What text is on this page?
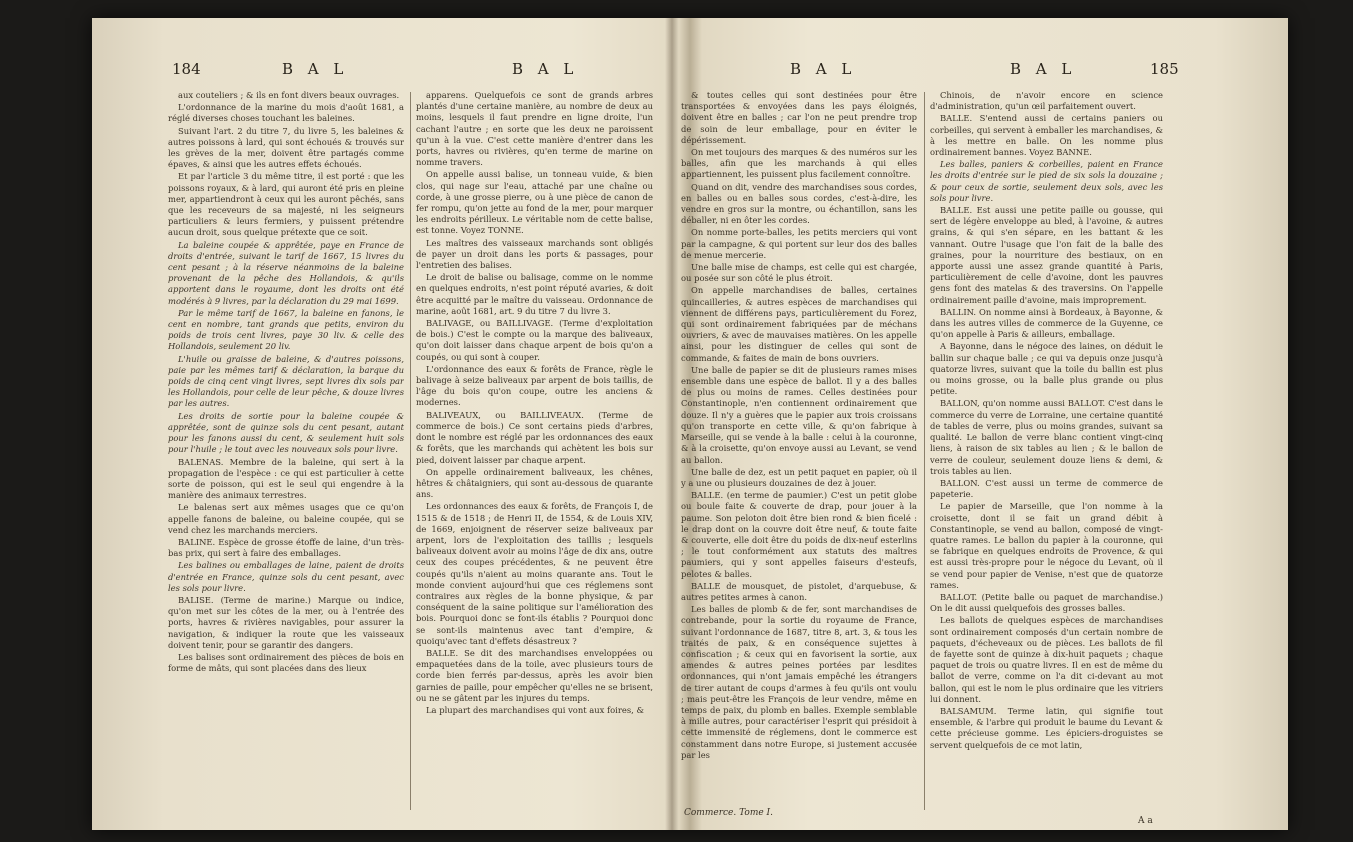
184	B A L	B A L	B A L	B A L	185

aux couteliers ; & ils en font divers beaux ouvrages.

L'ordonnance de la marine du mois d'août 1681, a réglé diverses choses touchant les baleines.

Suivant l'art. 2 du titre 7, du livre 5, les baleines & autres poissons à lard, qui sont échoués & trouvés sur les grèves de la mer, doivent être partagés comme épaves, & ainsi que les autres effets échoués.

Et par l'article 3 du même titre, il est porté : que les poissons royaux, & à lard, qui auront été pris en pleine mer, appartiendront à ceux qui les auront pêchés, sans que les receveurs de sa majesté, ni les seigneurs particuliers & leurs fermiers, y puissent prétendre aucun droit, sous quelque prétexte que ce soit.

La baleine coupée & apprêtée, paye en France de droits d'entrée, suivant le tarif de 1667, 15 livres du cent pesant ; à la réserve néanmoins de la baleine provenant de la pêche des Hollandois, & qu'ils apportent dans le royaume, dont les droits ont été modérés à 9 livres, par la déclaration du 29 mai 1699.

Par le même tarif de 1667, la baleine en fanons, le cent en nombre, tant grands que petits, environ du poids de trois cent livres, paye 30 liv. & celle des Hollandois, seulement 20 liv.

L'huile ou graisse de baleine, & d'autres poissons, paie par les mêmes tarif & déclaration, la barque du poids de cinq cent vingt livres, sept livres dix sols par les Hollandois, pour celle de leur pêche, & douze livres par les autres.

Les droits de sortie pour la baleine coupée & apprêtée, sont de quinze sols du cent pesant, autant pour les fanons aussi du cent, & seulement huit sols pour l'huile ; le tout avec les nouveaux sols pour livre.

BALENAS. Membre de la baleine, qui sert à la propagation de l'espèce : ce qui est particulier à cette sorte de poisson, qui est le seul qui engendre à la manière des animaux terrestres.

Le balenas sert aux mêmes usages que ce qu'on appelle fanons de baleine, ou baleine coupée, qui se vend chez les marchands merciers.

BALINE. Espèce de grosse étoffe de laine, d'un très-bas prix, qui sert à faire des emballages.

Les balines ou emballages de laine, paient de droits d'entrée en France, quinze sols du cent pesant, avec les sols pour livre.

BALISE. (Terme de marine.) Marque ou indice, qu'on met sur les côtes de la mer, ou à l'entrée des ports, havres & rivières navigables, pour assurer la navigation, & indiquer la route que les vaisseaux doivent tenir, pour se garantir des dangers.

Les balises sont ordinairement des pièces de bois en forme de mâts, qui sont placées dans des lieux

apparens. Quelquefois ce sont de grands arbres plantés d'une certaine manière, au nombre de deux au moins, lesquels il faut prendre en ligne droite, l'un cachant l'autre ; en sorte que les deux ne paroissent qu'un à la vue. C'est cette manière d'entrer dans les ports, havres ou rivières, qu'en terme de marine on nomme travers.

On appelle aussi balise, un tonneau vuide, & bien clos, qui nage sur l'eau, attaché par une chaîne ou corde, à une grosse pierre, ou à une pièce de canon de fer rompu, qu'on jette au fond de la mer, pour marquer les endroits périlleux. Le véritable nom de cette balise, est tonne. Voyez TONNE.

Les maîtres des vaisseaux marchands sont obligés de payer un droit dans les ports & passages, pour l'entretien des balises.

Le droit de balise ou balisage, comme on le nomme en quelques endroits, n'est point réputé avaries, & doit être acquitté par le maître du vaisseau. Ordonnance de marine, août 1681, art. 9 du titre 7 du livre 3.

BALIVAGE, ou BAILLIVAGE. (Terme d'exploitation de bois.) C'est le compte ou la marque des baliveaux, qu'on doit laisser dans chaque arpent de bois qu'on a coupés, ou qui sont à couper.

L'ordonnance des eaux & forêts de France, règle le balivage à seize baliveaux par arpent de bois taillis, de l'âge du bois qu'on coupe, outre les anciens & modernes.

BALIVEAUX, ou BAILLIVEAUX. (Terme de commerce de bois.) Ce sont certains pieds d'arbres, dont le nombre est réglé par les ordonnances des eaux & forêts, que les marchands qui achètent les bois sur pied, doivent laisser par chaque arpent.

On appelle ordinairement baliveaux, les chênes, hêtres & châtaigniers, qui sont au-dessous de quarante ans.

Les ordonnances des eaux & forêts, de François I, de 1515 & de 1518 ; de Henri II, de 1554, & de Louis XIV, de 1669, enjoignent de réserver seize baliveaux par arpent, lors de l'exploitation des taillis ; lesquels baliveaux doivent avoir au moins l'âge de dix ans, outre ceux des coupes précédentes, & ne peuvent être coupés qu'ils n'aient au moins quarante ans. Tout le monde convient aujourd'hui que ces réglemens sont contraires aux règles de la bonne physique, & par conséquent de la saine politique sur l'amélioration des bois. Pourquoi donc se font-ils établis ? Pourquoi donc se sont-ils maintenus avec tant d'empire, & quoiqu'avec tant d'effets désastreux ?

BALLE. Se dit des marchandises enveloppées ou empaquetées dans de la toile, avec plusieurs tours de corde bien ferrés par-dessus, après les avoir bien garnies de paille, pour empêcher qu'elles ne se brisent, ou ne se gâtent par les injures du temps.

La plupart des marchandises qui vont aux foires, &

& toutes celles qui sont destinées pour être transportées & envoyées dans les pays éloignés, doivent être en balles ; car l'on ne peut prendre trop de soin de leur emballage, pour en éviter le dépérissement.

On met toujours des marques & des numéros sur les balles, afin que les marchands à qui elles appartiennent, les puissent plus facilement connoître.

Quand on dit, vendre des marchandises sous cordes, en balles ou en balles sous cordes, c'est-à-dire, les vendre en gros sur la montre, ou échantillon, sans les déballer, ni en ôter les cordes.

On nomme porte-balles, les petits merciers qui vont par la campagne, & qui portent sur leur dos des balles de menue mercerie.

Une balle mise de champs, est celle qui est chargée, ou posée sur son côté le plus étroit.

On appelle marchandises de balles, certaines quincailleries, & autres espèces de marchandises qui viennent de différens pays, particulièrement du Forez, qui sont ordinairement fabriquées par de méchans ouvriers, & avec de mauvaises matières. On les appelle ainsi, pour les distinguer de celles qui sont de commande, & faites de main de bons ouvriers.

Une balle de papier se dit de plusieurs rames mises ensemble dans une espèce de ballot. Il y a des balles de plus ou moins de rames. Celles destinées pour Constantinople, n'en contiennent ordinairement que douze. Il n'y a guères que le papier aux trois croissans qu'on transporte en cette ville, & qu'on fabrique à Marseille, qui se vende à la balle : celui à la couronne, & à la croisette, qu'on envoye aussi au Levant, se vend au ballon.

Une balle de dez, est un petit paquet en papier, où il y a une ou plusieurs douzaines de dez à jouer.

BALLE. (en terme de paumier.) C'est un petit globe ou boule faite & couverte de drap, pour jouer à la paume. Son peloton doit être bien rond & bien ficelé : le drap dont on la couvre doit être neuf, & toute faite & couverte, elle doit être du poids de dix-neuf esterlins ; le tout conformément aux statuts des maîtres paumiers, qui y sont appelles faiseurs d'esteufs, pelotes & balles.

BALLE de mousquet, de pistolet, d'arquebuse, & autres petites armes à canon.

Les balles de plomb & de fer, sont marchandises de contrebande, pour la sortie du royaume de France, suivant l'ordonnance de 1687, titre 8, art. 3, & tous les traités de paix, & en conséquence sujettes à confiscation ; & ceux qui en favorisent la sortie, aux amendes & autres peines portées par lesdites ordonnances, qui n'ont jamais empêché les étrangers de tirer autant de coups d'armes à feu qu'ils ont voulu ; mais peut-être les François de leur vendre, même en temps de paix, du plomb en balles. Exemple semblable à mille autres, pour caractériser l'esprit qui présidoit à cette immensité de réglemens, dont le commerce est constamment dans notre Europe, si justement accusée par les

Chinois, de n'avoir encore en science d'administration, qu'un œil parfaitement ouvert.

BALLE. S'entend aussi de certains paniers ou corbeilles, qui servent à emballer les marchandises, & à les mettre en balle. On les nomme plus ordinairement bannes. Voyez BANNE.

Les balles, paniers & corbeilles, paient en France les droits d'entrée sur le pied de six sols la douzaine ; & pour ceux de sortie, seulement deux sols, avec les sols pour livre.

BALLE. Est aussi une petite paille ou gousse, qui sert de légère enveloppe au bled, à l'avoine, & autres grains, & qui s'en sépare, en les battant & les vannant. Outre l'usage que l'on fait de la balle des graines, pour la nourriture des bestiaux, on en apporte aussi une assez grande quantité à Paris, particulièrement de celle d'avoine, dont les pauvres gens font des matelas & des traversins. On l'appelle ordinairement paille d'avoine, mais improprement.

BALLIN. On nomme ainsi à Bordeaux, à Bayonne, & dans les autres villes de commerce de la Guyenne, ce qu'on appelle à Paris & ailleurs, emballage.

A Bayonne, dans le négoce des laines, on déduit le ballin sur chaque balle ; ce qui va depuis onze jusqu'à quatorze livres, suivant que la toile du ballin est plus ou moins grosse, ou la balle plus grande ou plus petite.

BALLON, qu'on nomme aussi BALLOT. C'est dans le commerce du verre de Lorraine, une certaine quantité de tables de verre, plus ou moins grandes, suivant sa qualité. Le ballon de verre blanc contient vingt-cinq liens, à raison de six tables au lien ; & le ballon de verre de couleur, seulement douze liens & demi, & trois tables au lien.

BALLON. C'est aussi un terme de commerce de papeterie.

Le papier de Marseille, que l'on nomme à la croisette, dont il se fait un grand débit à Constantinople, se vend au ballon, composé de vingt-quatre rames. Le ballon du papier à la couronne, qui se fabrique en quelques endroits de Provence, & qui est aussi très-propre pour le négoce du Levant, où il se vend pour papier de Venise, n'est que de quatorze rames.

BALLOT. (Petite balle ou paquet de marchandise.) On le dit aussi quelquefois des grosses balles.

Les ballots de quelques espèces de marchandises sont ordinairement composés d'un certain nombre de paquets, d'écheveaux ou de pièces. Les ballots de fil de fayette sont de quinze à dix-huit paquets ; chaque paquet de trois ou quatre livres. Il en est de même du ballot de verre, comme on l'a dit ci-devant au mot ballon, qui est le nom le plus ordinaire que les vitriers lui donnent.

BALSAMUM. Terme latin, qui signifie tout ensemble, & l'arbre qui produit le baume du Levant & cette précieuse gomme. Les épiciers-droguistes se servent quelquefois de ce mot latin,

Commerce. Tome I.
A a
